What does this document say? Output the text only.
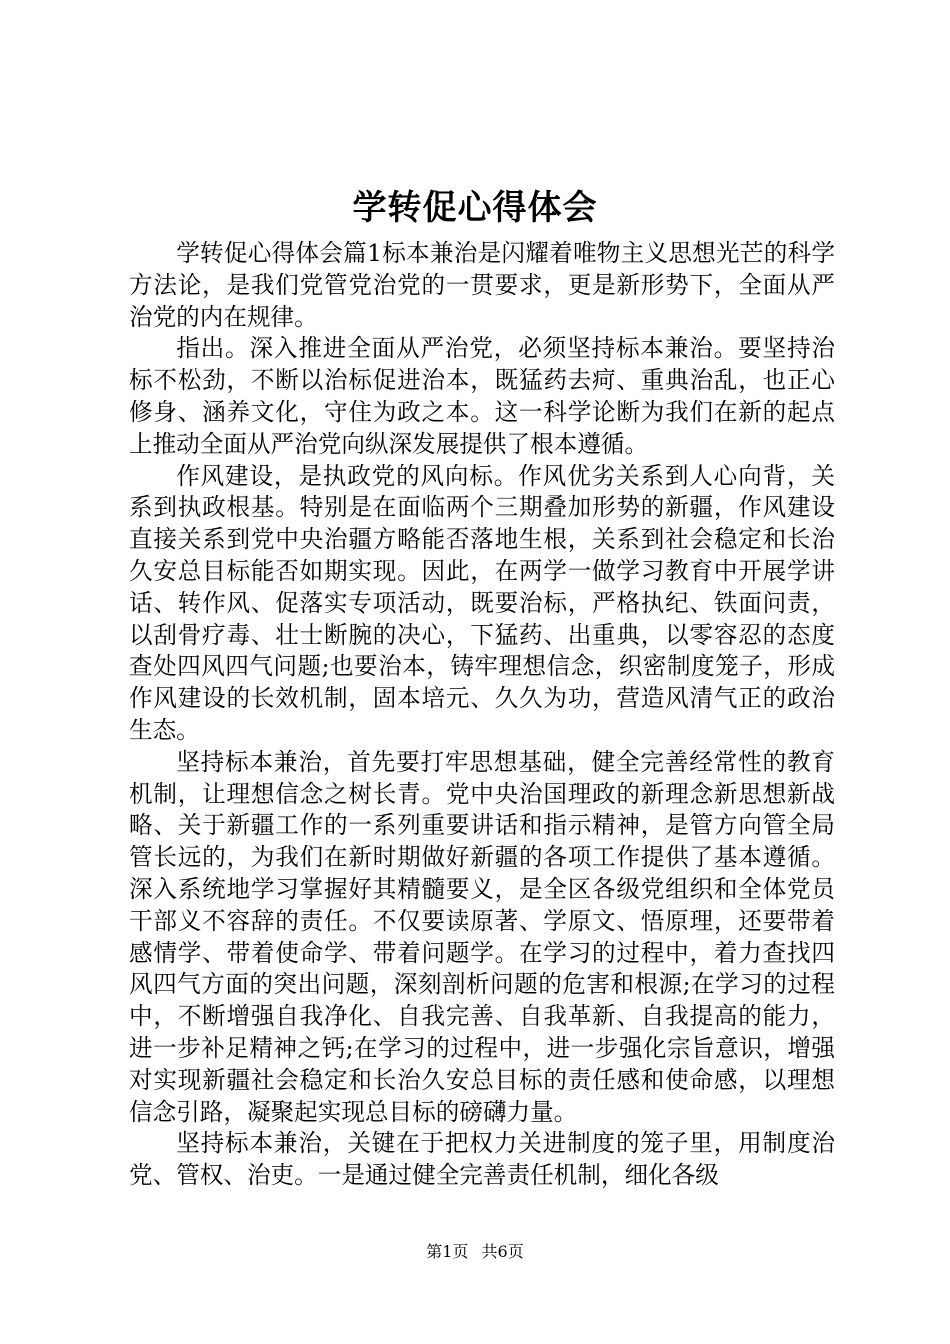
学转促心得体会

学转促心得体会篇1标本兼治是闪耀着唯物主义思想光芒的科学方法论，是我们党管党治党的一贯要求，更是新形势下，全面从严治党的内在规律。

指出。深入推进全面从严治党，必须坚持标本兼治。要坚持治标不松劲，不断以治标促进治本，既猛药去疴、重典治乱，也正心修身、涵养文化，守住为政之本。这一科学论断为我们在新的起点上推动全面从严治党向纵深发展提供了根本遵循。

作风建设，是执政党的风向标。作风优劣关系到人心向背，关系到执政根基。特别是在面临两个三期叠加形势的新疆，作风建设直接关系到党中央治疆方略能否落地生根，关系到社会稳定和长治久安总目标能否如期实现。因此，在两学一做学习教育中开展学讲话、转作风、促落实专项活动，既要治标，严格执纪、铁面问责，以刮骨疗毒、壮士断腕的决心，下猛药、出重典，以零容忍的态度查处四风四气问题;也要治本，铸牢理想信念，织密制度笼子，形成作风建设的长效机制，固本培元、久久为功，营造风清气正的政治生态。

坚持标本兼治，首先要打牢思想基础，健全完善经常性的教育机制，让理想信念之树长青。党中央治国理政的新理念新思想新战略、关于新疆工作的一系列重要讲话和指示精神，是管方向管全局管长远的，为我们在新时期做好新疆的各项工作提供了基本遵循。深入系统地学习掌握好其精髓要义，是全区各级党组织和全体党员干部义不容辞的责任。不仅要读原著、学原文、悟原理，还要带着感情学、带着使命学、带着问题学。在学习的过程中，着力查找四风四气方面的突出问题，深刻剖析问题的危害和根源;在学习的过程中，不断增强自我净化、自我完善、自我革新、自我提高的能力，进一步补足精神之钙;在学习的过程中，进一步强化宗旨意识，增强对实现新疆社会稳定和长治久安总目标的责任感和使命感，以理想信念引路，凝聚起实现总目标的磅礴力量。

坚持标本兼治，关键在于把权力关进制度的笼子里，用制度治党、管权、治吏。一是通过健全完善责任机制，细化各级

第1页 共6页
